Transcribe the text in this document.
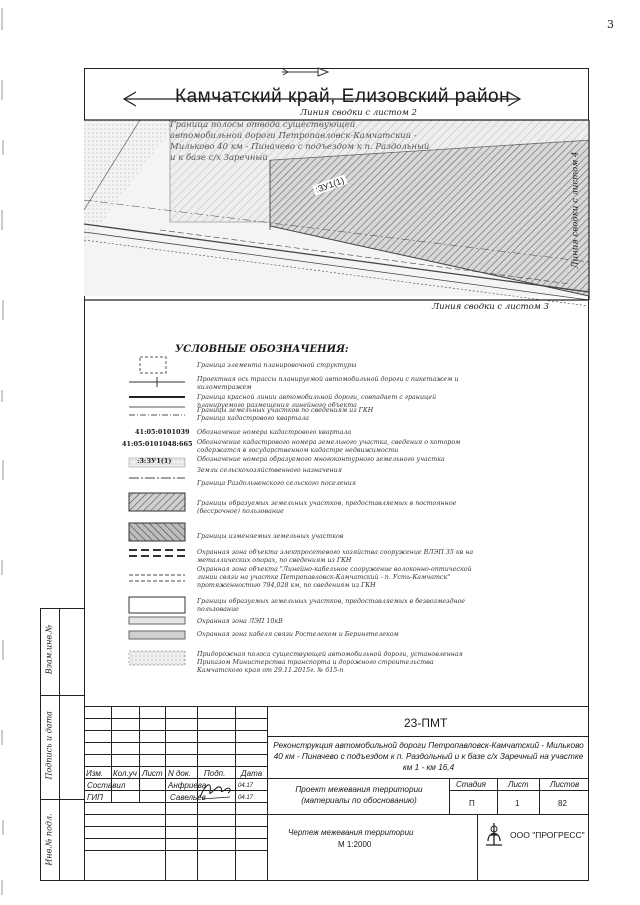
3
Камчатский край, Елизовский район
Линия сводки с листом 2
Линия сводки с листом 4
Линия сводки с листом 3
Граница полосы отвода существующей
автомобильной дороги Петропавловск-Камчатский -
Мильково 40 км - Пиначево с подъездом к п. Раздольный
и к базе с/х Заречный
:ЗУ1(1)
УСЛОВНЫЕ ОБОЗНАЧЕНИЯ:
Граница элемента планировочной структуры
Проектная ось трассы планируемой автомобильной дороги с пикетажем и километражем
Граница красной линии автомобильной дороги, совпадает с границей планируемого размещения линейного объекта
Границы земельных участков по сведениям из ГКН
Граница кадастрового квартала
41:05:0101039 Обозначение номера кадастрового квартала
41:05:0101048:665 Обозначение кадастрового номера земельного участка, сведения о котором содержатся в государственном кадастре недвижимости
:3:ЗУ1(1)	Обозначение номера образуемого многоконтурного земельного участка
Земли сельскохозяйственного назначения
Граница Раздольненского сельского поселения
Границы образуемых земельных участков, предоставляемых в постоянное (бессрочное) пользование
Границы изменяемых земельных участков
Охранная зона объекта электросетевого хозяйства сооружение ВЛЭП 35 кв на металлических опорах, по сведениям из ГКН
Охранная зона объекта "Линейно-кабельное сооружение волоконно-оптической линии связи на участке Петропавловск-Камчатский - п. Усть-Камчатск" протяженностью 794,028 км, по сведениям из ГКН
Границы образуемых земельных участков, предоставляемых в безвозмездное пользование
Охранная зона ЛЭП 10кВ
Охранная зона кабеля связи Ростелеком и Берингтелеком
Придорожная полоса существующей автомобильной дороги, установленная Приказом Министерства транспорта и дорожного строительства Камчатского края от 29.11.2015г. № 615-п
Взам.инв.№
Подпись и дата
Инв.№ подл.
Изм. Кол.уч Лист N док. Подп. Дата
Составил	Анфриева	04.17
ГИП	Савельев	04.17
23-ПМТ
Реконструкция автомобильной дороги Петропавловск-Камчатский - Мильково 40 км - Пиначево с подъездом к п. Раздольный и к базе с/х Заречный на участке км 1 - км 16,4
Проект межевания территории (материалы по обоснованию)
Стадия	Лист	Листов
П	1	82
Чертеж межевания территории
М 1:2000
ООО "ПРОГРЕСС"
